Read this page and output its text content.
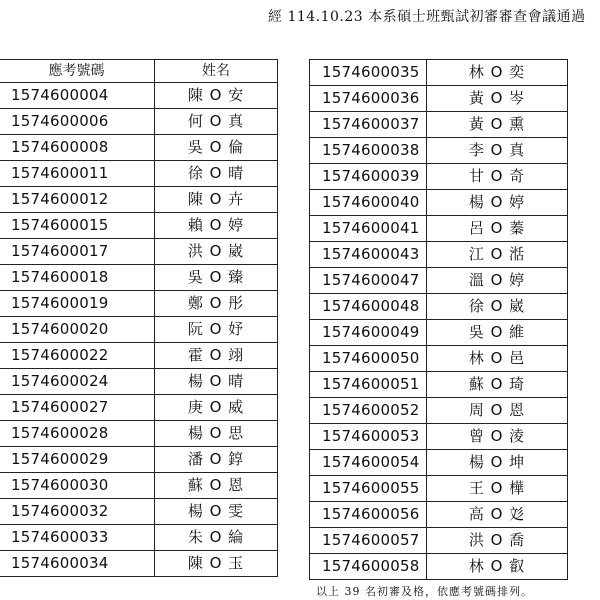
經 114.10.23 本系碩士班甄試初審審查會議通過
應考號碼	姓名
1574600004	陳 O 安
1574600006	何 O 真
1574600008	吳 O 倫
1574600011	徐 O 晴
1574600012	陳 O 卉
1574600015	賴 O 婷
1574600017	洪 O 崴
1574600018	吳 O 臻
1574600019	鄭 O 彤
1574600020	阮 O 妤
1574600022	霍 O 翊
1574600024	楊 O 晴
1574600027	庚 O 威
1574600028	楊 O 思
1574600029	潘 O 錞
1574600030	蘇 O 恩
1574600032	楊 O 雯
1574600033	朱 O 綸
1574600034	陳 O 玉
1574600035	林 O 奕
1574600036	黃 O 岑
1574600037	黃 O 熏
1574600038	李 O 真
1574600039	甘 O 奇
1574600040	楊 O 婷
1574600041	呂 O 蓁
1574600043	江 O 湉
1574600047	溫 O 婷
1574600048	徐 O 崴
1574600049	吳 O 維
1574600050	林 O 邑
1574600051	蘇 O 琦
1574600052	周 O 恩
1574600053	曾 O 淩
1574600054	楊 O 坤
1574600055	王 O 樺
1574600056	高 O 彣
1574600057	洪 O 喬
1574600058	林 O 叡
以上 39 名初審及格，依應考號碼排列。
